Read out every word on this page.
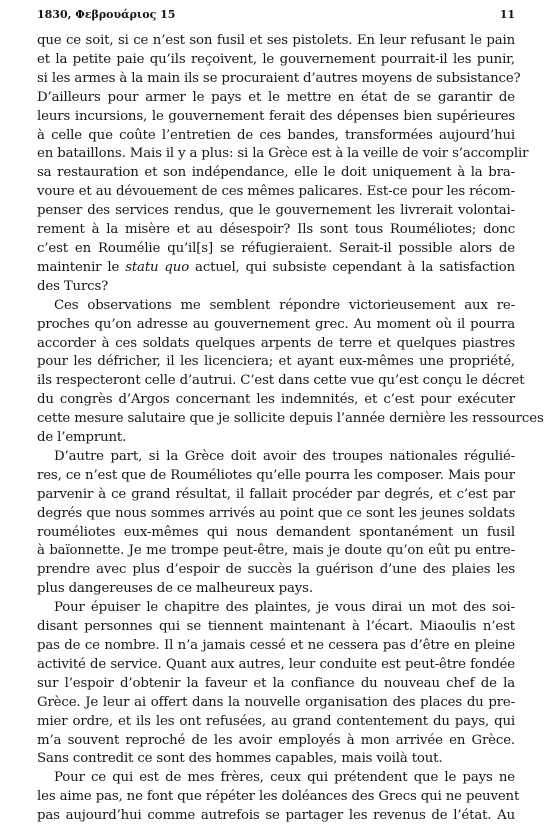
1830, Φεβρουάριος 15	11
que ce soit, si ce n’est son fusil et ses pistolets. En leur refusant le pain
et la petite paie qu’ils reçoivent, le gouvernement pourrait-il les punir,
si les armes à la main ils se procuraient d’autres moyens de subsistance?
D’ailleurs pour armer le pays et le mettre en état de se garantir de
leurs incursions, le gouvernement ferait des dépenses bien supérieures
à celle que coûte l’entretien de ces bandes, transformées aujourd’hui
en bataillons. Mais il y a plus: si la Grèce est à la veille de voir s’accomplir
sa restauration et son indépendance, elle le doit uniquement à la bra-
voure et au dévouement de ces mêmes palicares. Est-ce pour les récom-
penser des services rendus, que le gouvernement les livrerait volontai-
rement à la misère et au désespoir? Ils sont tous Rouméliotes; donc
c’est en Roumélie qu’il[s] se réfugieraient. Serait-il possible alors de
maintenir le statu quo actuel, qui subsiste cependant à la satisfaction
des Turcs?
Ces observations me semblent répondre victorieusement aux re-
proches qu’on adresse au gouvernement grec. Au moment où il pourra
accorder à ces soldats quelques arpents de terre et quelques piastres
pour les défricher, il les licenciera; et ayant eux-mêmes une propriété,
ils respecteront celle d’autrui. C’est dans cette vue qu’est conçu le décret
du congrès d’Argos concernant les indemnités, et c’est pour exécuter
cette mesure salutaire que je sollicite depuis l’année dernière les ressources
de l’emprunt.
D’autre part, si la Grèce doit avoir des troupes nationales régulié-
res, ce n’est que de Rouméliotes qu’elle pourra les composer. Mais pour
parvenir à ce grand résultat, il fallait procéder par degrés, et c’est par
degrés que nous sommes arrivés au point que ce sont les jeunes soldats
rouméliotes eux-mêmes qui nous demandent spontanément un fusil
à baïonnette. Je me trompe peut-être, mais je doute qu’on eût pu entre-
prendre avec plus d’espoir de succès la guérison d’une des plaies les
plus dangereuses de ce malheureux pays.
Pour épuiser le chapitre des plaintes, je vous dirai un mot des soi-
disant personnes qui se tiennent maintenant à l’écart. Miaoulis n’est
pas de ce nombre. Il n’a jamais cessé et ne cessera pas d’être en pleine
activité de service. Quant aux autres, leur conduite est peut-être fondée
sur l’espoir d’obtenir la faveur et la confiance du nouveau chef de la
Grèce. Je leur ai offert dans la nouvelle organisation des places du pre-
mier ordre, et ils les ont refusées, au grand contentement du pays, qui
m’a souvent reproché de les avoir employés à mon arrivée en Grèce.
Sans contredit ce sont des hommes capables, mais voilà tout.
Pour ce qui est de mes frères, ceux qui prétendent que le pays ne
les aime pas, ne font que répéter les doléances des Grecs qui ne peuvent
pas aujourd’hui comme autrefois se partager les revenus de l’état. Au
